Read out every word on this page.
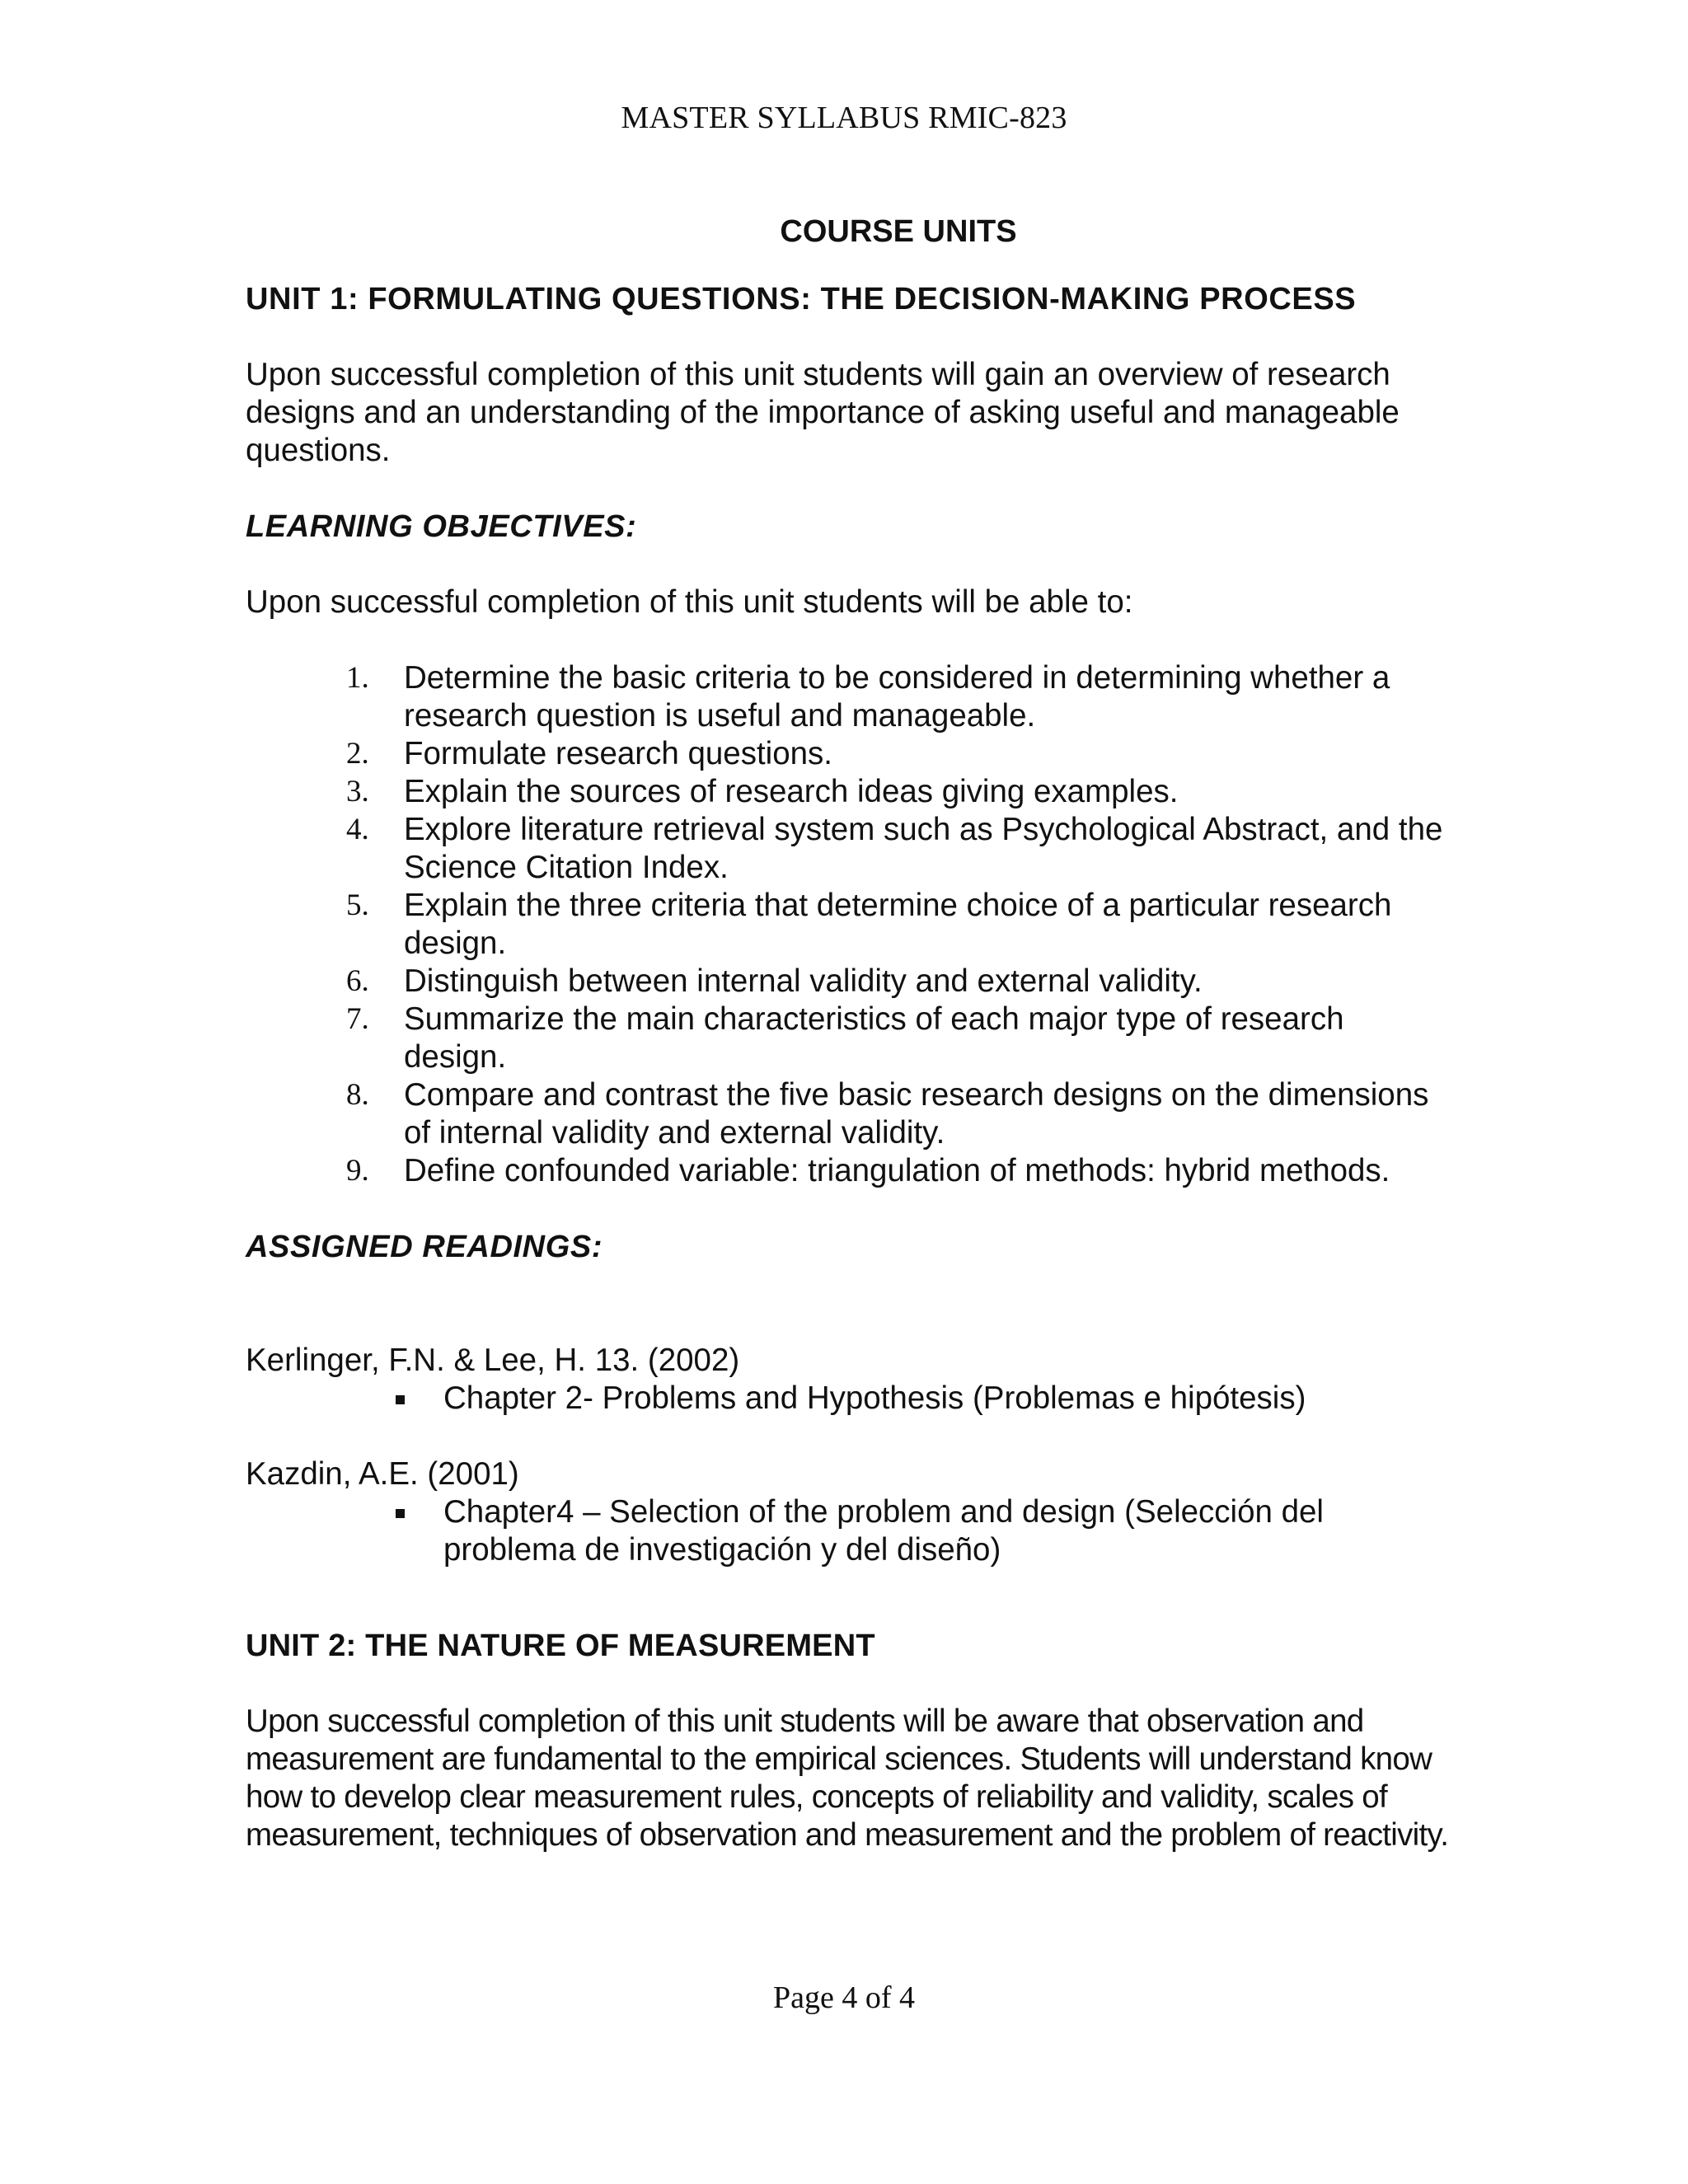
MASTER SYLLABUS RMIC-823
COURSE UNITS
UNIT 1: FORMULATING QUESTIONS: THE DECISION-MAKING PROCESS

Upon successful completion of this unit students will gain an overview of research designs and an understanding of the importance of asking useful and manageable questions.

LEARNING OBJECTIVES:

Upon successful completion of this unit students will be able to:

1.	Determine the basic criteria to be considered in determining whether a research question is useful and manageable.
2.	Formulate research questions.
3.	Explain the sources of research ideas giving examples.
4.	Explore literature retrieval system such as Psychological Abstract, and the Science Citation Index.
5.	Explain the three criteria that determine choice of a particular research design.
6.	Distinguish between internal validity and external validity.
7.	Summarize the main characteristics of each major type of research design.
8.	Compare and contrast the five basic research designs on the dimensions of internal validity and external validity.
9.	Define confounded variable: triangulation of methods: hybrid methods.
ASSIGNED READINGS:
Kerlinger, F.N. & Lee, H. 13. (2002)
Chapter 2- Problems and Hypothesis (Problemas e hipótesis)
Kazdin, A.E. (2001)
Chapter4 – Selection of the problem and design (Selección del problema de investigación y del diseño)
UNIT 2: THE NATURE OF MEASUREMENT

Upon successful completion of this unit students will be aware that observation and measurement are fundamental to the empirical sciences. Students will understand know how to develop clear measurement rules, concepts of reliability and validity, scales of measurement, techniques of observation and measurement and the problem of reactivity.

Page 4 of 4
